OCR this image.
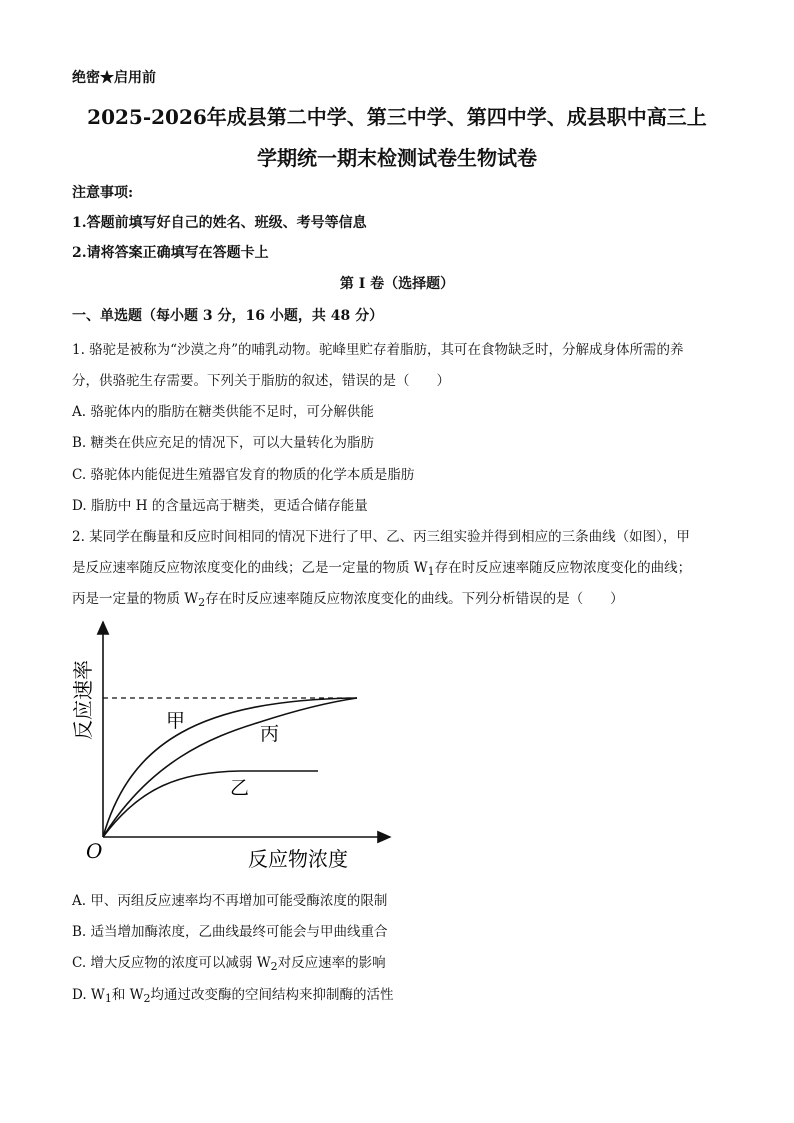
绝密★启用前
2025-2026年成县第二中学、第三中学、第四中学、成县职中高三上
学期统一期末检测试卷生物试卷
注意事项:
1.答题前填写好自己的姓名、班级、考号等信息
2.请将答案正确填写在答题卡上
第 I 卷（选择题）
一、单选题（每小题 3 分，16 小题，共 48 分）
1. 骆驼是被称为“沙漠之舟”的哺乳动物。驼峰里贮存着脂肪，其可在食物缺乏时，分解成身体所需的养
分，供骆驼生存需要。下列关于脂肪的叙述，错误的是（　　）
A. 骆驼体内的脂肪在糖类供能不足时，可分解供能
B. 糖类在供应充足的情况下，可以大量转化为脂肪
C. 骆驼体内能促进生殖器官发育的物质的化学本质是脂肪
D. 脂肪中 H 的含量远高于糖类，更适合储存能量
2. 某同学在酶量和反应时间相同的情况下进行了甲、乙、丙三组实验并得到相应的三条曲线（如图），甲
是反应速率随反应物浓度变化的曲线；乙是一定量的物质 $W_1$存在时反应速率随反应物浓度变化的曲线；
丙是一定量的物质 $W_2$存在时反应速率随反应物浓度变化的曲线。下列分析错误的是（　　）
甲
丙
乙
O	反应物浓度
反应速率
A. 甲、丙组反应速率均不再增加可能受酶浓度的限制
B. 适当增加酶浓度，乙曲线最终可能会与甲曲线重合
C. 增大反应物的浓度可以减弱 $W_2$对反应速率的影响
D. $W_1$和 $W_2$均通过改变酶的空间结构来抑制酶的活性
